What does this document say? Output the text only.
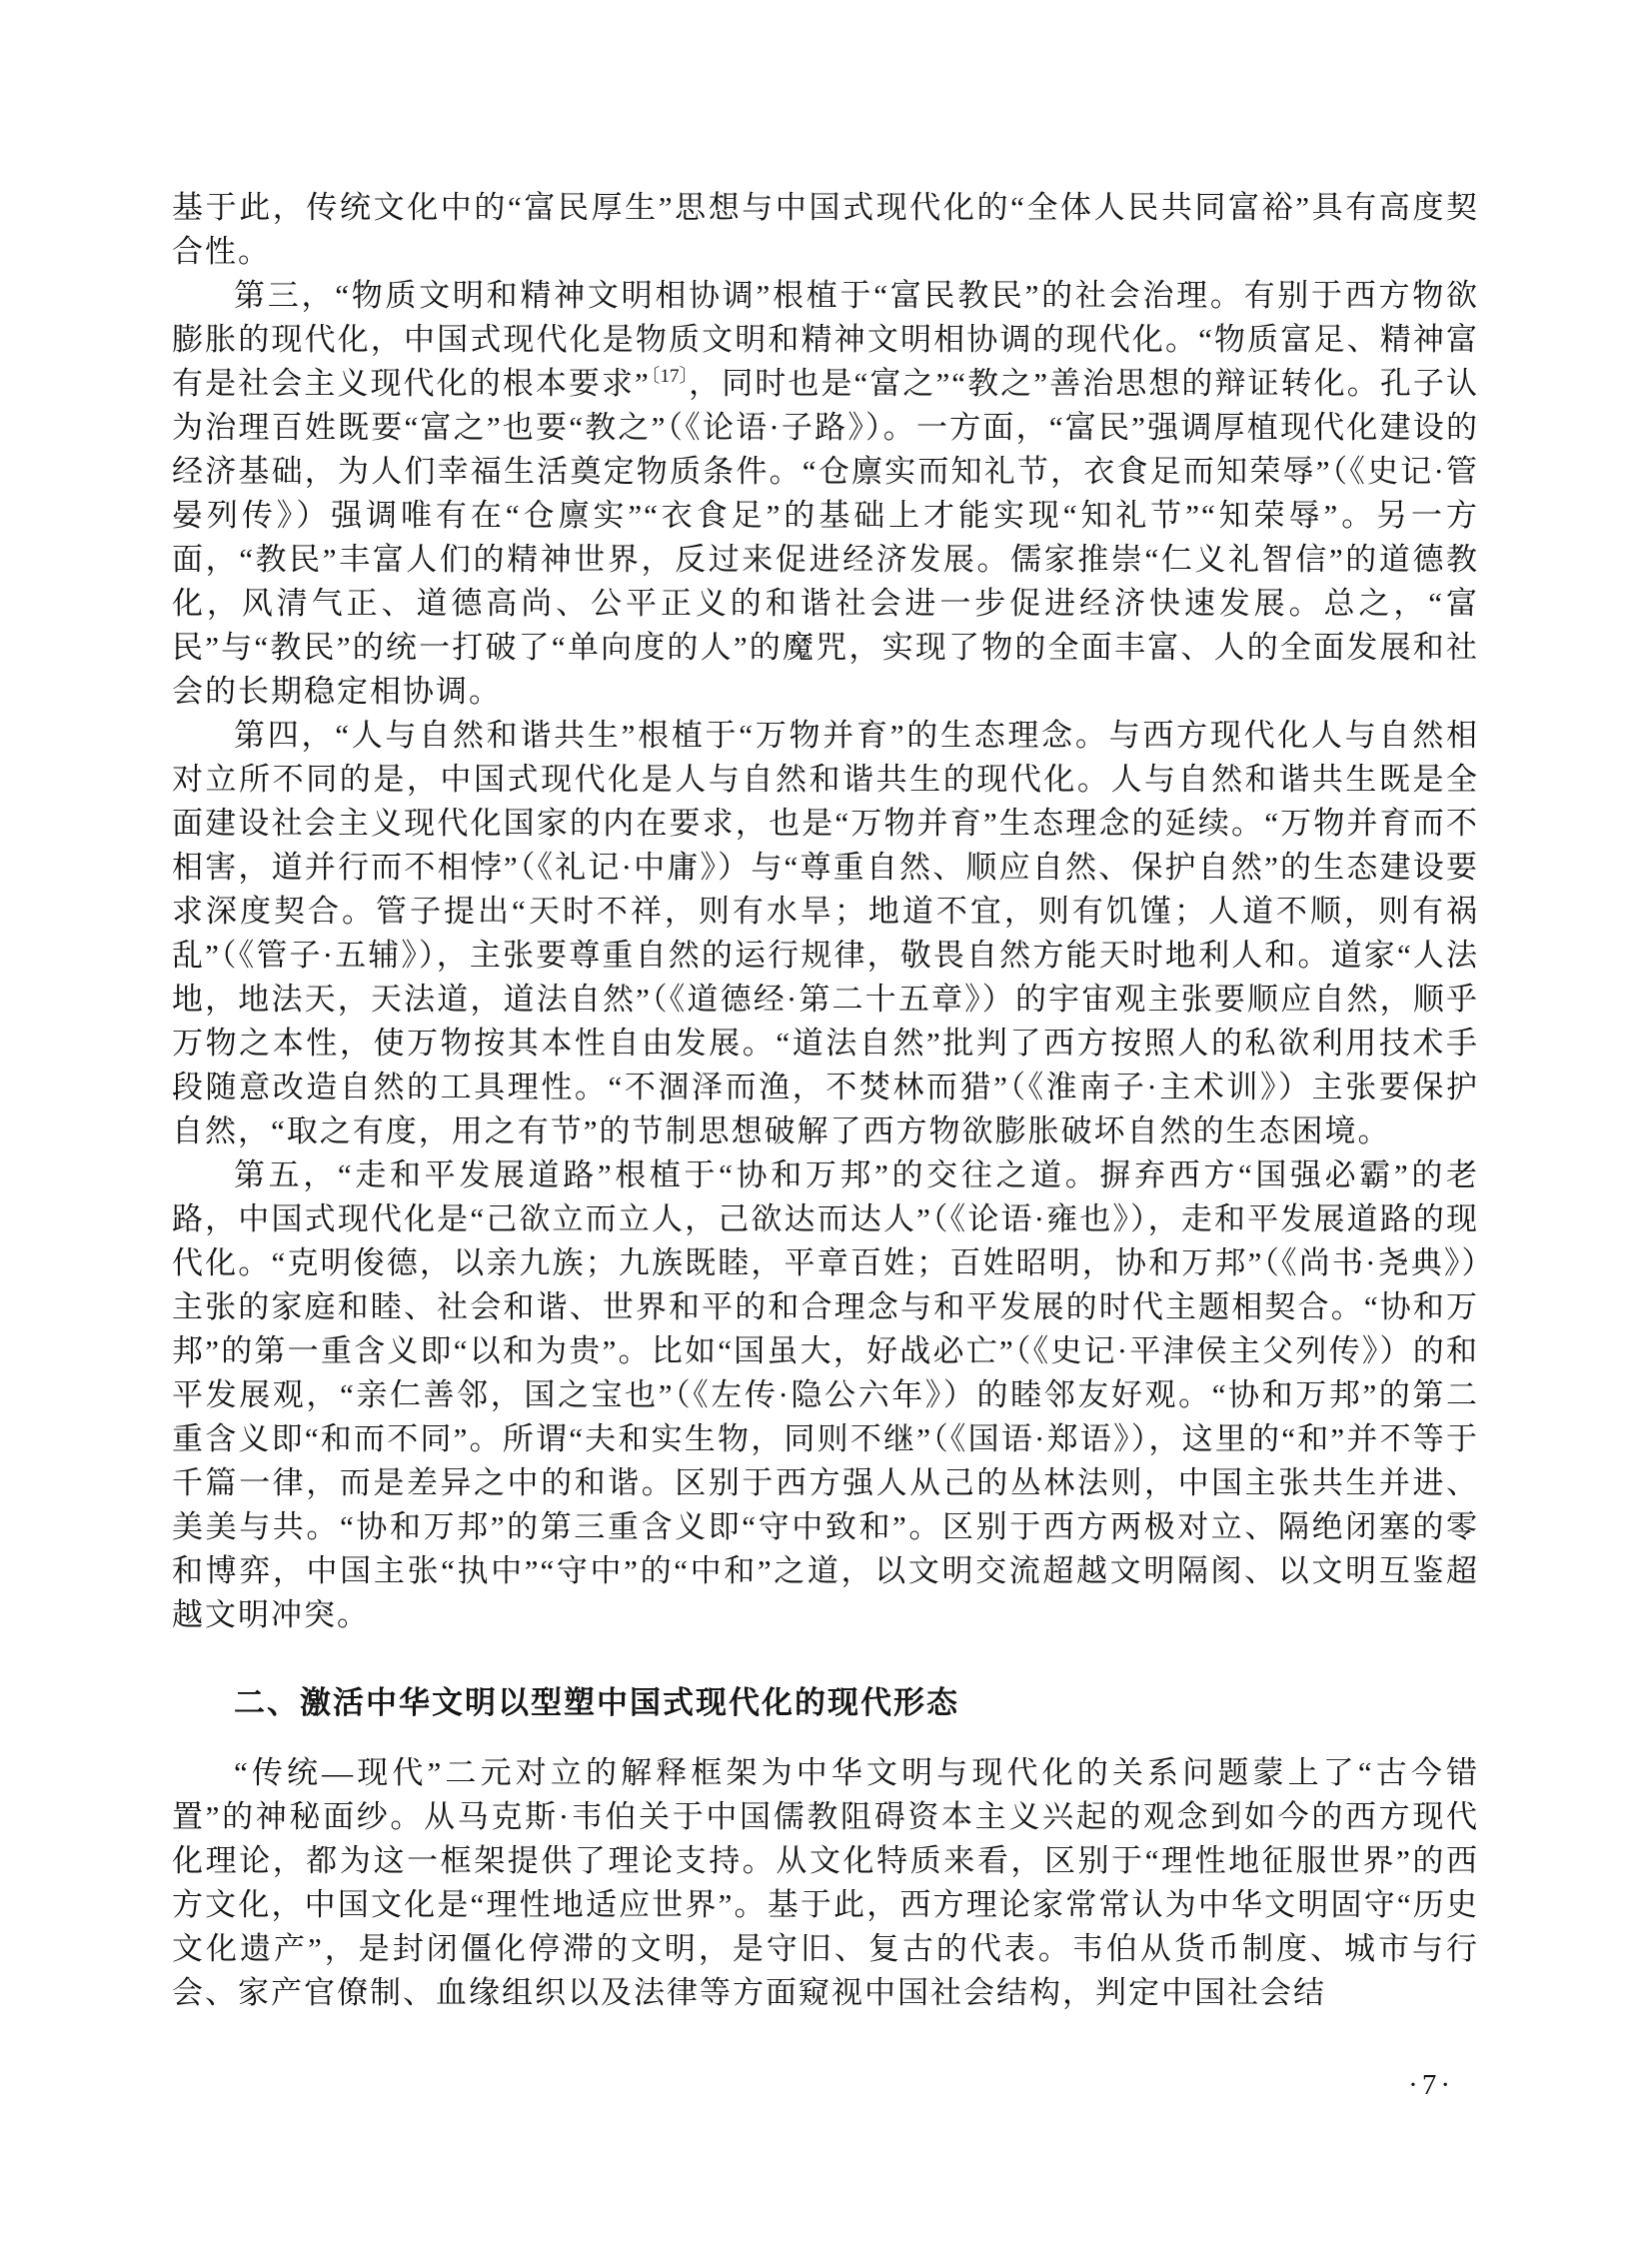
基于此，传统文化中的“富民厚生”思想与中国式现代化的“全体人民共同富裕”具有高度契合性。

第三，“物质文明和精神文明相协调”根植于“富民教民”的社会治理。有别于西方物欲膨胀的现代化，中国式现代化是物质文明和精神文明相协调的现代化。“物质富足、精神富有是社会主义现代化的根本要求”$^{〔17〕}$，同时也是“富之”“教之”善治思想的辩证转化。孔子认为治理百姓既要“富之”也要“教之”（《论语·子路》）。一方面，“富民”强调厚植现代化建设的经济基础，为人们幸福生活奠定物质条件。“仓廪实而知礼节，衣食足而知荣辱”（《史记·管晏列传》）强调唯有在“仓廪实”“衣食足”的基础上才能实现“知礼节”“知荣辱”。另一方面，“教民”丰富人们的精神世界，反过来促进经济发展。儒家推崇“仁义礼智信”的道德教化，风清气正、道德高尚、公平正义的和谐社会进一步促进经济快速发展。总之，“富民”与“教民”的统一打破了“单向度的人”的魔咒，实现了物的全面丰富、人的全面发展和社会的长期稳定相协调。

第四，“人与自然和谐共生”根植于“万物并育”的生态理念。与西方现代化人与自然相对立所不同的是，中国式现代化是人与自然和谐共生的现代化。人与自然和谐共生既是全面建设社会主义现代化国家的内在要求，也是“万物并育”生态理念的延续。“万物并育而不相害，道并行而不相悖”（《礼记·中庸》）与“尊重自然、顺应自然、保护自然”的生态建设要求深度契合。管子提出“天时不祥，则有水旱；地道不宜，则有饥馑；人道不顺，则有祸乱”（《管子·五辅》），主张要尊重自然的运行规律，敬畏自然方能天时地利人和。道家“人法地，地法天，天法道，道法自然”（《道德经·第二十五章》）的宇宙观主张要顺应自然，顺乎万物之本性，使万物按其本性自由发展。“道法自然”批判了西方按照人的私欲利用技术手段随意改造自然的工具理性。“不涸泽而渔，不焚林而猎”（《淮南子·主术训》）主张要保护自然，“取之有度，用之有节”的节制思想破解了西方物欲膨胀破坏自然的生态困境。

第五，“走和平发展道路”根植于“协和万邦”的交往之道。摒弃西方“国强必霸”的老路，中国式现代化是“己欲立而立人，己欲达而达人”（《论语·雍也》），走和平发展道路的现代化。“克明俊德，以亲九族；九族既睦，平章百姓；百姓昭明，协和万邦”（《尚书·尧典》）主张的家庭和睦、社会和谐、世界和平的和合理念与和平发展的时代主题相契合。“协和万邦”的第一重含义即“以和为贵”。比如“国虽大，好战必亡”（《史记·平津侯主父列传》）的和平发展观，“亲仁善邻，国之宝也”（《左传·隐公六年》）的睦邻友好观。“协和万邦”的第二重含义即“和而不同”。所谓“夫和实生物，同则不继”（《国语·郑语》），这里的“和”并不等于千篇一律，而是差异之中的和谐。区别于西方强人从己的丛林法则，中国主张共生并进、美美与共。“协和万邦”的第三重含义即“守中致和”。区别于西方两极对立、隔绝闭塞的零和博弈，中国主张“执中”“守中”的“中和”之道，以文明交流超越文明隔阂、以文明互鉴超越文明冲突。

二、激活中华文明以型塑中国式现代化的现代形态

“传统—现代”二元对立的解释框架为中华文明与现代化的关系问题蒙上了“古今错置”的神秘面纱。从马克斯·韦伯关于中国儒教阻碍资本主义兴起的观念到如今的西方现代化理论，都为这一框架提供了理论支持。从文化特质来看，区别于“理性地征服世界”的西方文化，中国文化是“理性地适应世界”。基于此，西方理论家常常认为中华文明固守“历史文化遗产”，是封闭僵化停滞的文明，是守旧、复古的代表。韦伯从货币制度、城市与行会、家产官僚制、血缘组织以及法律等方面窥视中国社会结构，判定中国社会结

·7·
